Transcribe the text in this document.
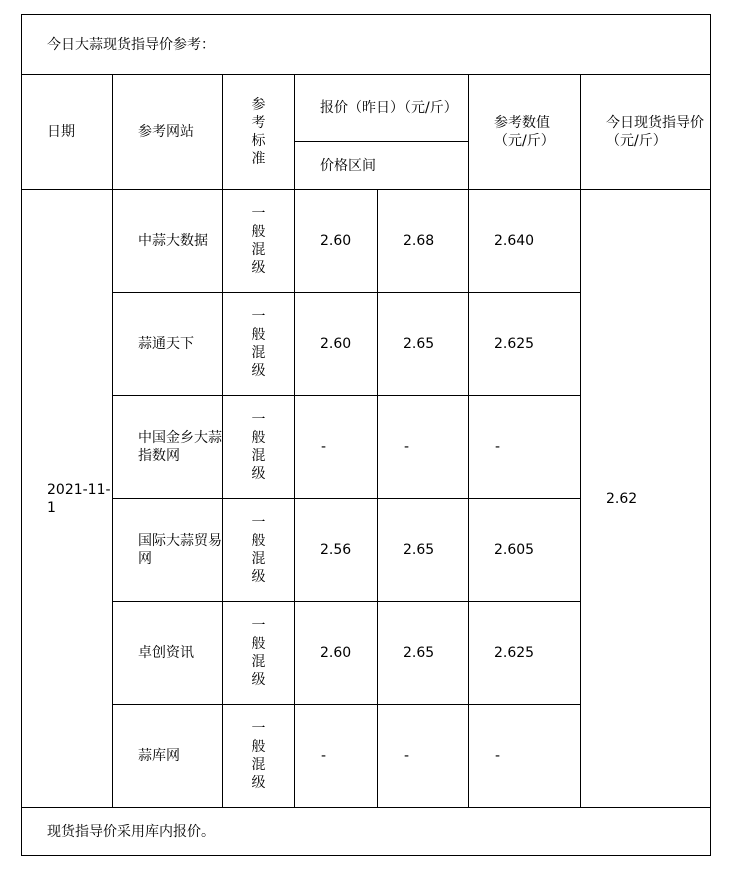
今日大蒜现货指导价参考：						
日期	参考网站	参考标准	报价（昨日）（元/斤）		参考数值（元/斤）	今日现货指导价（元/斤）
			价格区间			
2021-11-1	中蒜大数据	一般混级	2.60	2.68	2.640	2.62
	蒜通天下	一般混级	2.60	2.65	2.625	
	中国金乡大蒜指数网	一般混级	-	-	-	
	国际大蒜贸易网	一般混级	2.56	2.65	2.605	
	卓创资讯	一般混级	2.60	2.65	2.625	
	蒜库网	一般混级	-	-	-	
现货指导价采用库内报价。						
